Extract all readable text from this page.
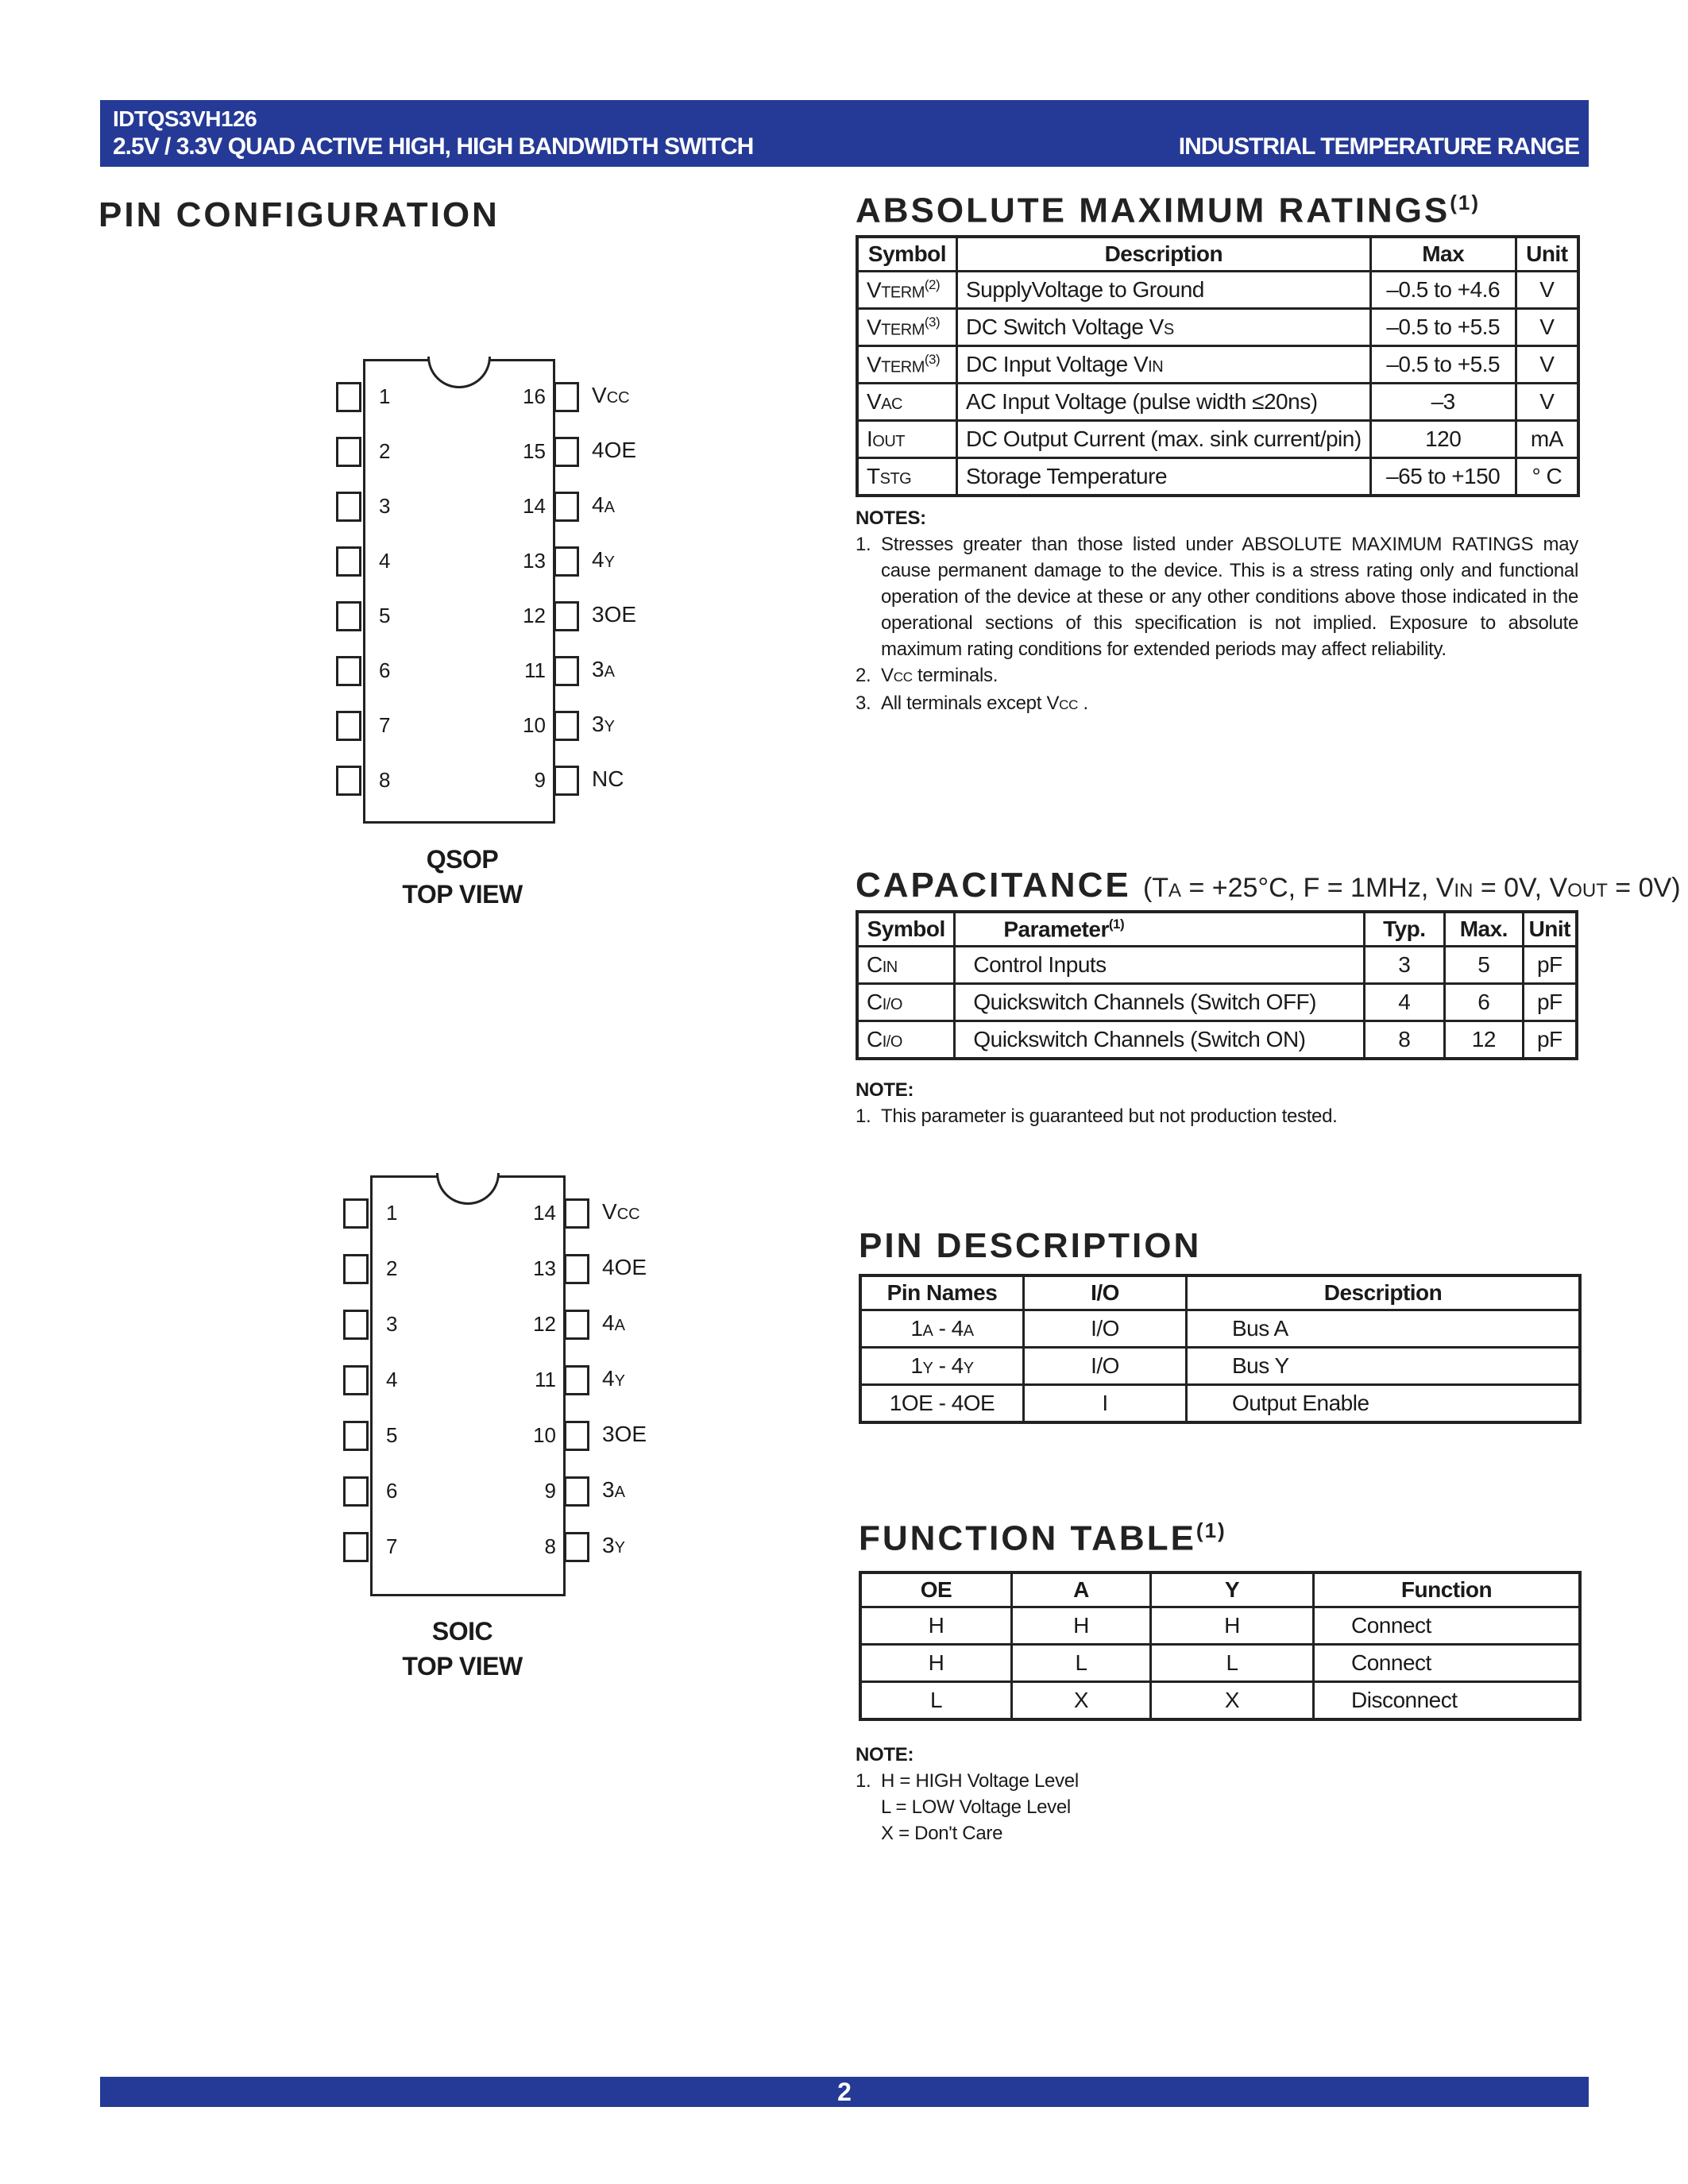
IDTQS3VH126
2.5V / 3.3V QUAD ACTIVE HIGH, HIGH BANDWIDTH SWITCH	INDUSTRIAL TEMPERATURE RANGE
PIN CONFIGURATION
1	16 VCC
2	15 4OE
3	14 4A
4	13 4Y
5	12 3OE
6	11 3A
7	10 3Y
8	9 NC
QSOP
TOP VIEW
1	14 VCC
2	13 4OE
3	12 4A
4	11 4Y
5	10 3OE
6	9 3A
7	8 3Y
SOIC
TOP VIEW
ABSOLUTE MAXIMUM RATINGS$^{(1)}$
Symbol	Description	Max	Unit
VTERM$^{(2)}$	SupplyVoltage to Ground	–0.5 to +4.6	V
VTERM$^{(3)}$	DC Switch Voltage VS	–0.5 to +5.5	V
VTERM$^{(3)}$	DC Input Voltage VIN	–0.5 to +5.5	V
VAC	AC Input Voltage (pulse width ≤20ns)	–3	V
IOUT	DC Output Current (max. sink current/pin)	120	mA
TSTG	Storage Temperature	–65 to +150	° C
NOTES:
1. Stresses greater than those listed under ABSOLUTE MAXIMUM RATINGS may cause permanent damage to the device. This is a stress rating only and functional operation of the device at these or any other conditions above those indicated in the operational sections of this specification is not implied. Exposure to absolute maximum rating conditions for extended periods may affect reliability.
2. VCC terminals.
3. All terminals except VCC .
CAPACITANCE (TA = +25°C, F = 1MHz, VIN = 0V, VOUT = 0V)
Symbol	Parameter$^{(1)}$	Typ.	Max.	Unit
CIN	Control Inputs	3	5	pF
CI/O	Quickswitch Channels (Switch OFF)	4	6	pF
CI/O	Quickswitch Channels (Switch ON)	8	12	pF
NOTE:
1. This parameter is guaranteed but not production tested.
PIN DESCRIPTION
Pin Names	I/O	Description
1A - 4A	I/O	Bus A
1Y - 4Y	I/O	Bus Y
1OE - 4OE	I	Output Enable
FUNCTION TABLE$^{(1)}$
OE	A	Y	Function
H	H	H	Connect
H	L	L	Connect
L	X	X	Disconnect
NOTE:
1. H = HIGH Voltage Level
L = LOW Voltage Level
X = Don't Care
2
